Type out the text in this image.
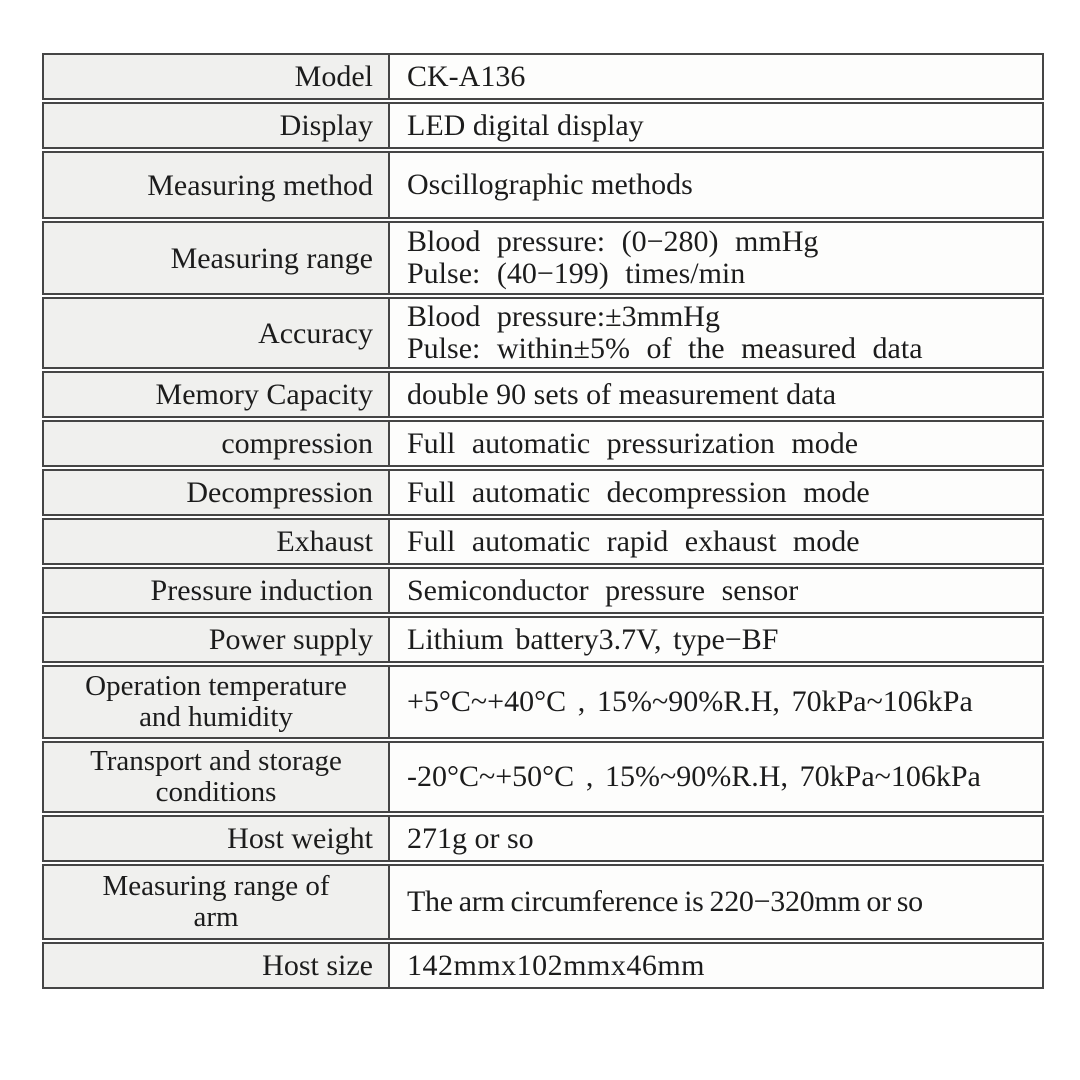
Model	CK-A136
Display	LED digital display
Measuring method	Oscillographic methods
Measuring range	Blood pressure: (0−280) mmHg
Pulse: (40−199) times/min
Accuracy	Blood pressure:±3mmHg
Pulse: within±5% of the measured data
Memory Capacity	double 90 sets of measurement data
compression	Full automatic pressurization mode
Decompression	Full automatic decompression mode
Exhaust	Full automatic rapid exhaust mode
Pressure induction	Semiconductor pressure sensor
Power supply	Lithium battery3.7V, type−BF
Operation temperature
and humidity	+5°C~+40°C , 15%~90%R.H, 70kPa~106kPa
Transport and storage
conditions	-20°C~+50°C , 15%~90%R.H, 70kPa~106kPa
Host weight	271g or so
Measuring range of
arm	The arm circumference is 220−320mm or so
Host size	142mmx102mmx46mm
